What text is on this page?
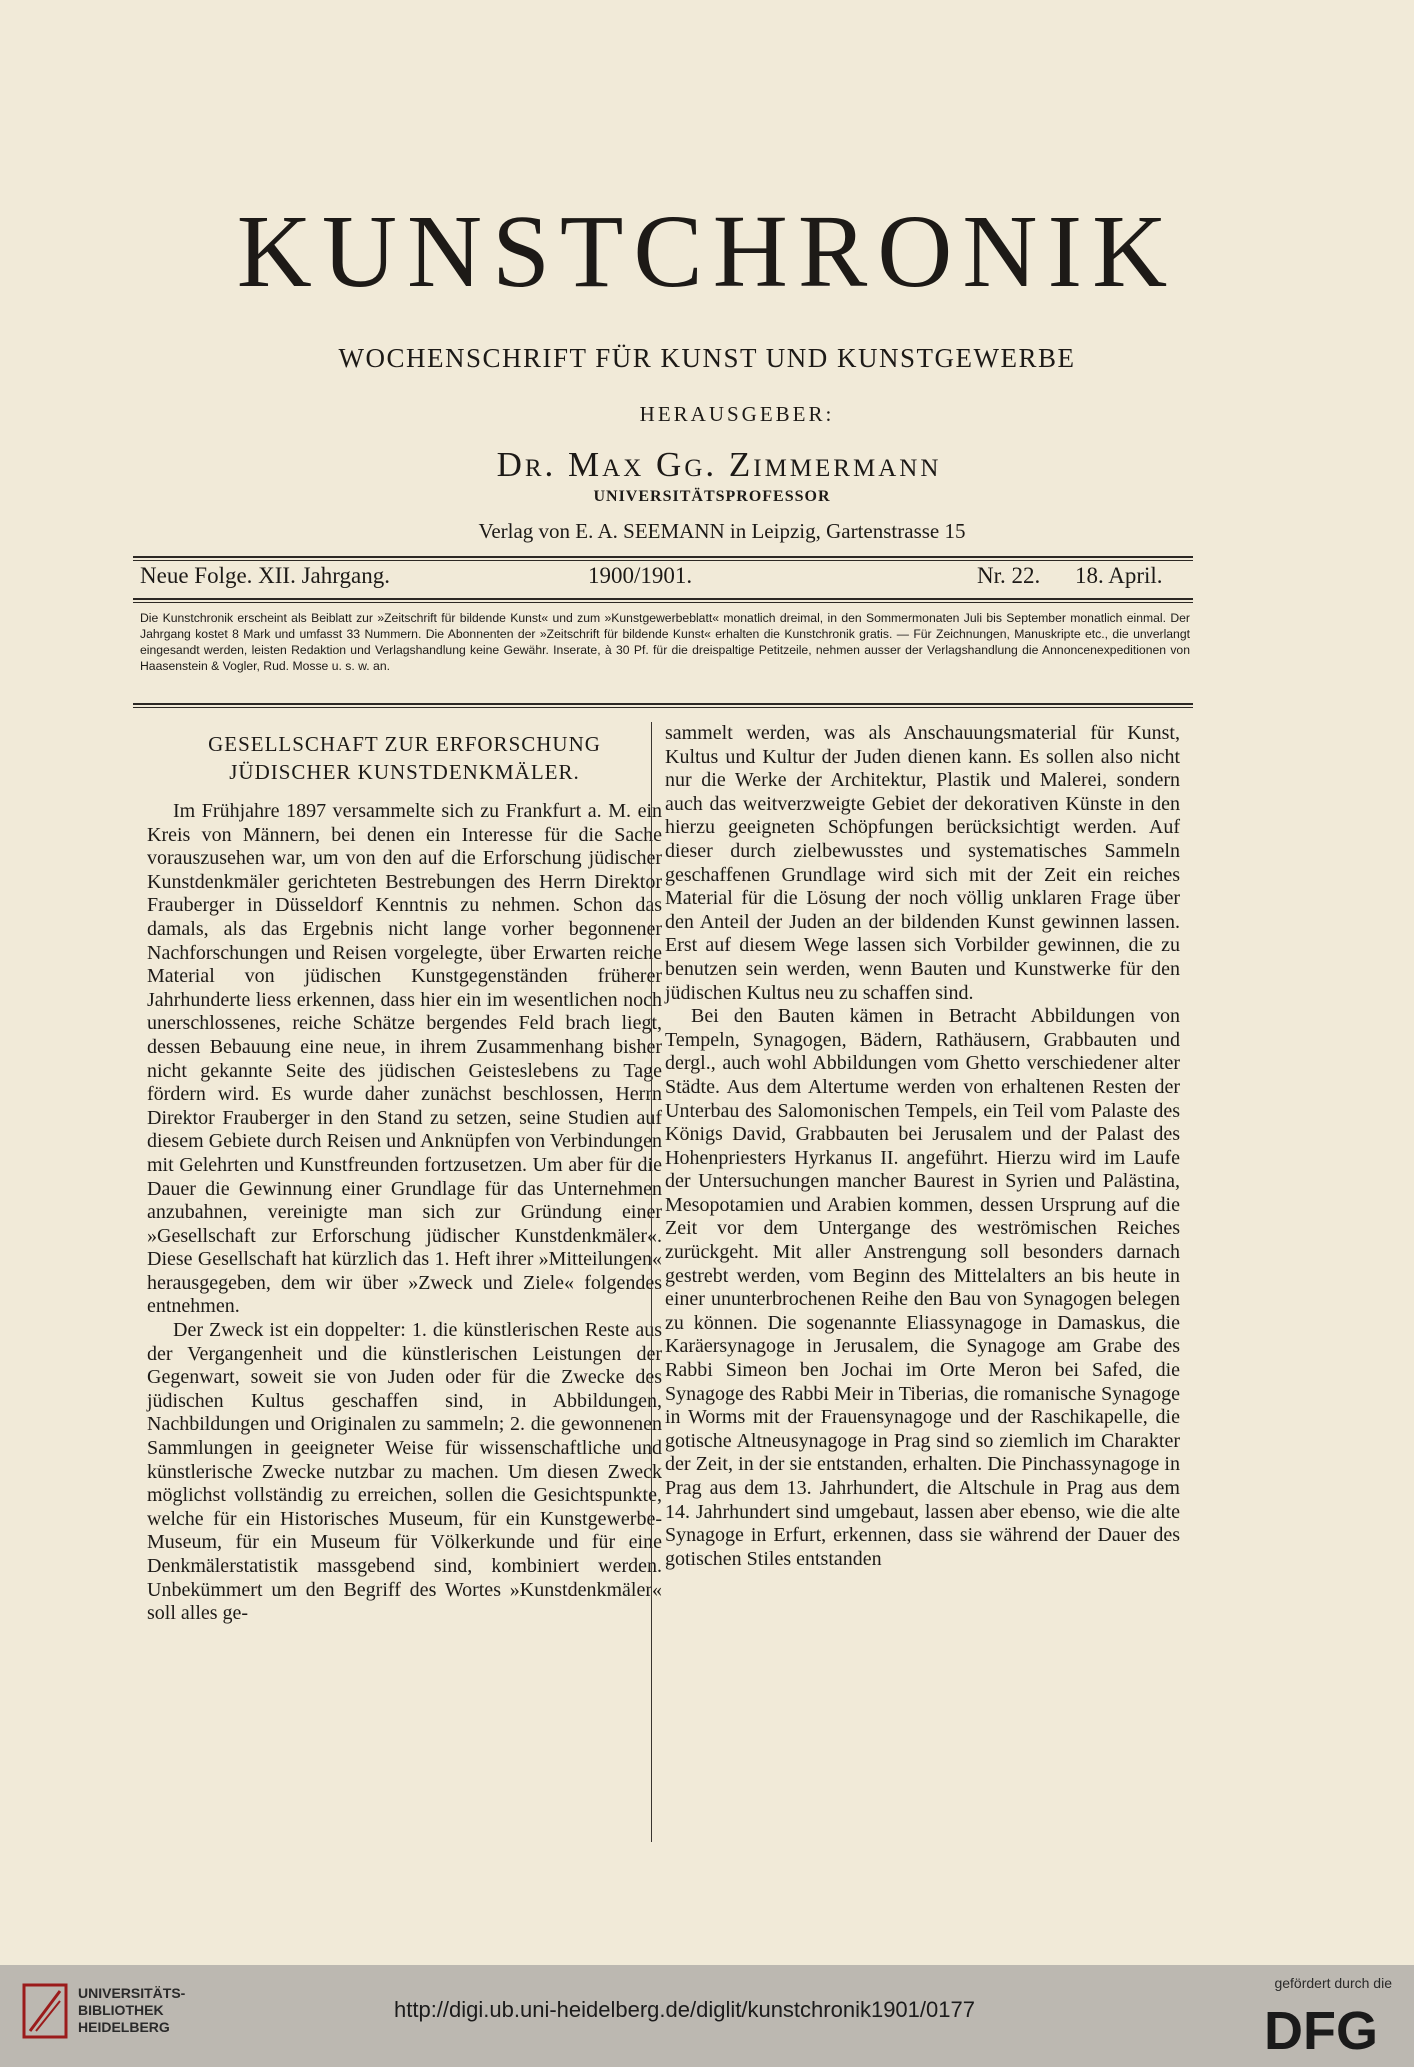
KUNSTCHRONIK
WOCHENSCHRIFT FÜR KUNST UND KUNSTGEWERBE
HERAUSGEBER:
Dr. Max Gg. Zimmermann
UNIVERSITÄTSPROFESSOR
Verlag von E. A. SEEMANN in Leipzig, Gartenstrasse 15
Neue Folge. XII. Jahrgang.	1900/1901.	Nr. 22. 18. April.
Die Kunstchronik erscheint als Beiblatt zur »Zeitschrift für bildende Kunst« und zum »Kunstgewerbeblatt« monatlich dreimal, in den Sommermonaten Juli bis September monatlich einmal. Der Jahrgang kostet 8 Mark und umfasst 33 Nummern. Die Abonnenten der »Zeitschrift für bildende Kunst« erhalten die Kunstchronik gratis. — Für Zeichnungen, Manuskripte etc., die unverlangt eingesandt werden, leisten Redaktion und Verlagshandlung keine Gewähr. Inserate, à 30 Pf. für die dreispaltige Petitzeile, nehmen ausser der Verlagshandlung die Annoncenexpeditionen von Haasenstein & Vogler, Rud. Mosse u. s. w. an.
GESELLSCHAFT ZUR ERFORSCHUNG
JÜDISCHER KUNSTDENKMÄLER.

Im Frühjahre 1897 versammelte sich zu Frankfurt a. M. ein Kreis von Männern, bei denen ein Interesse für die Sache vorauszusehen war, um von den auf die Erforschung jüdischer Kunstdenkmäler gerichteten Bestrebungen des Herrn Direktor Frauberger in Düsseldorf Kenntnis zu nehmen. Schon das damals, als das Ergebnis nicht lange vorher begonnener Nachforschungen und Reisen vorgelegte, über Erwarten reiche Material von jüdischen Kunstgegenständen früherer Jahrhunderte liess erkennen, dass hier ein im wesentlichen noch unerschlossenes, reiche Schätze bergendes Feld brach liegt, dessen Bebauung eine neue, in ihrem Zusammenhang bisher nicht gekannte Seite des jüdischen Geisteslebens zu Tage fördern wird. Es wurde daher zunächst beschlossen, Herrn Direktor Frauberger in den Stand zu setzen, seine Studien auf diesem Gebiete durch Reisen und Anknüpfen von Verbindungen mit Gelehrten und Kunstfreunden fortzusetzen. Um aber für die Dauer die Gewinnung einer Grundlage für das Unternehmen anzubahnen, vereinigte man sich zur Gründung einer »Gesellschaft zur Erforschung jüdischer Kunstdenkmäler«. Diese Gesellschaft hat kürzlich das 1. Heft ihrer »Mitteilungen« herausgegeben, dem wir über »Zweck und Ziele« folgendes entnehmen.

Der Zweck ist ein doppelter: 1. die künstlerischen Reste aus der Vergangenheit und die künstlerischen Leistungen der Gegenwart, soweit sie von Juden oder für die Zwecke des jüdischen Kultus geschaffen sind, in Abbildungen, Nachbildungen und Originalen zu sammeln; 2. die gewonnenen Sammlungen in geeigneter Weise für wissenschaftliche und künstlerische Zwecke nutzbar zu machen. Um diesen Zweck möglichst vollständig zu erreichen, sollen die Gesichtspunkte, welche für ein Historisches Museum, für ein Kunstgewerbe-Museum, für ein Museum für Völkerkunde und für eine Denkmälerstatistik massgebend sind, kombiniert werden. Unbekümmert um den Begriff des Wortes »Kunstdenkmäler« soll alles ge-

sammelt werden, was als Anschauungsmaterial für Kunst, Kultus und Kultur der Juden dienen kann. Es sollen also nicht nur die Werke der Architektur, Plastik und Malerei, sondern auch das weitverzweigte Gebiet der dekorativen Künste in den hierzu geeigneten Schöpfungen berücksichtigt werden. Auf dieser durch zielbewusstes und systematisches Sammeln geschaffenen Grundlage wird sich mit der Zeit ein reiches Material für die Lösung der noch völlig unklaren Frage über den Anteil der Juden an der bildenden Kunst gewinnen lassen. Erst auf diesem Wege lassen sich Vorbilder gewinnen, die zu benutzen sein werden, wenn Bauten und Kunstwerke für den jüdischen Kultus neu zu schaffen sind.

Bei den Bauten kämen in Betracht Abbildungen von Tempeln, Synagogen, Bädern, Rathäusern, Grabbauten und dergl., auch wohl Abbildungen vom Ghetto verschiedener alter Städte. Aus dem Altertume werden von erhaltenen Resten der Unterbau des Salomonischen Tempels, ein Teil vom Palaste des Königs David, Grabbauten bei Jerusalem und der Palast des Hohenpriesters Hyrkanus II. angeführt. Hierzu wird im Laufe der Untersuchungen mancher Baurest in Syrien und Palästina, Mesopotamien und Arabien kommen, dessen Ursprung auf die Zeit vor dem Untergange des weströmischen Reiches zurückgeht. Mit aller Anstrengung soll besonders darnach gestrebt werden, vom Beginn des Mittelalters an bis heute in einer ununterbrochenen Reihe den Bau von Synagogen belegen zu können. Die sogenannte Eliassynagoge in Damaskus, die Karäersynagoge in Jerusalem, die Synagoge am Grabe des Rabbi Simeon ben Jochai im Orte Meron bei Safed, die Synagoge des Rabbi Meir in Tiberias, die romanische Synagoge in Worms mit der Frauensynagoge und der Raschikapelle, die gotische Altneusynagoge in Prag sind so ziemlich im Charakter der Zeit, in der sie entstanden, erhalten. Die Pinchassynagoge in Prag aus dem 13. Jahrhundert, die Altschule in Prag aus dem 14. Jahrhundert sind umgebaut, lassen aber ebenso, wie die alte Synagoge in Erfurt, erkennen, dass sie während der Dauer des gotischen Stiles entstanden

UNIVERSITÄTS-
BIBLIOTHEK
HEIDELBERG
http://digi.ub.uni-heidelberg.de/diglit/kunstchronik1901/0177
gefördert durch die
DFG
